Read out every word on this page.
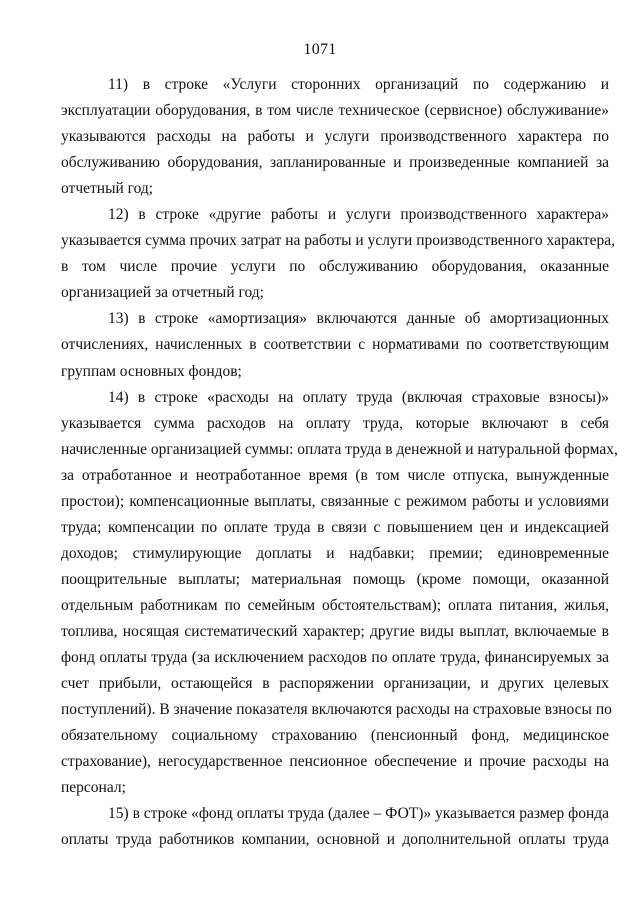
1071

11) в строке «Услуги сторонних организаций по содержанию и
эксплуатации оборудования, в том числе техническое (сервисное) обслуживание»
указываются расходы на работы и услуги производственного характера по
обслуживанию оборудования, запланированные и произведенные компанией за
отчетный год;

12) в строке «другие работы и услуги производственного характера»
указывается сумма прочих затрат на работы и услуги производственного характера,
в том числе прочие услуги по обслуживанию оборудования, оказанные
организацией за отчетный год;

13) в строке «амортизация» включаются данные об амортизационных
отчислениях, начисленных в соответствии с нормативами по соответствующим
группам основных фондов;

14) в строке «расходы на оплату труда (включая страховые взносы)»
указывается сумма расходов на оплату труда, которые включают в себя
начисленные организацией суммы: оплата труда в денежной и натуральной формах,
за отработанное и неотработанное время (в том числе отпуска, вынужденные
простои); компенсационные выплаты, связанные с режимом работы и условиями
труда; компенсации по оплате труда в связи с повышением цен и индексацией
доходов; стимулирующие доплаты и надбавки; премии; единовременные
поощрительные выплаты; материальная помощь (кроме помощи, оказанной
отдельным работникам по семейным обстоятельствам); оплата питания, жилья,
топлива, носящая систематический характер; другие виды выплат, включаемые в
фонд оплаты труда (за исключением расходов по оплате труда, финансируемых за
счет прибыли, остающейся в распоряжении организации, и других целевых
поступлений). В значение показателя включаются расходы на страховые взносы по
обязательному социальному страхованию (пенсионный фонд, медицинское
страхование), негосударственное пенсионное обеспечение и прочие расходы на
персонал;

15) в строке «фонд оплаты труда (далее – ФОТ)» указывается размер фонда
оплаты труда работников компании, основной и дополнительной оплаты труда
